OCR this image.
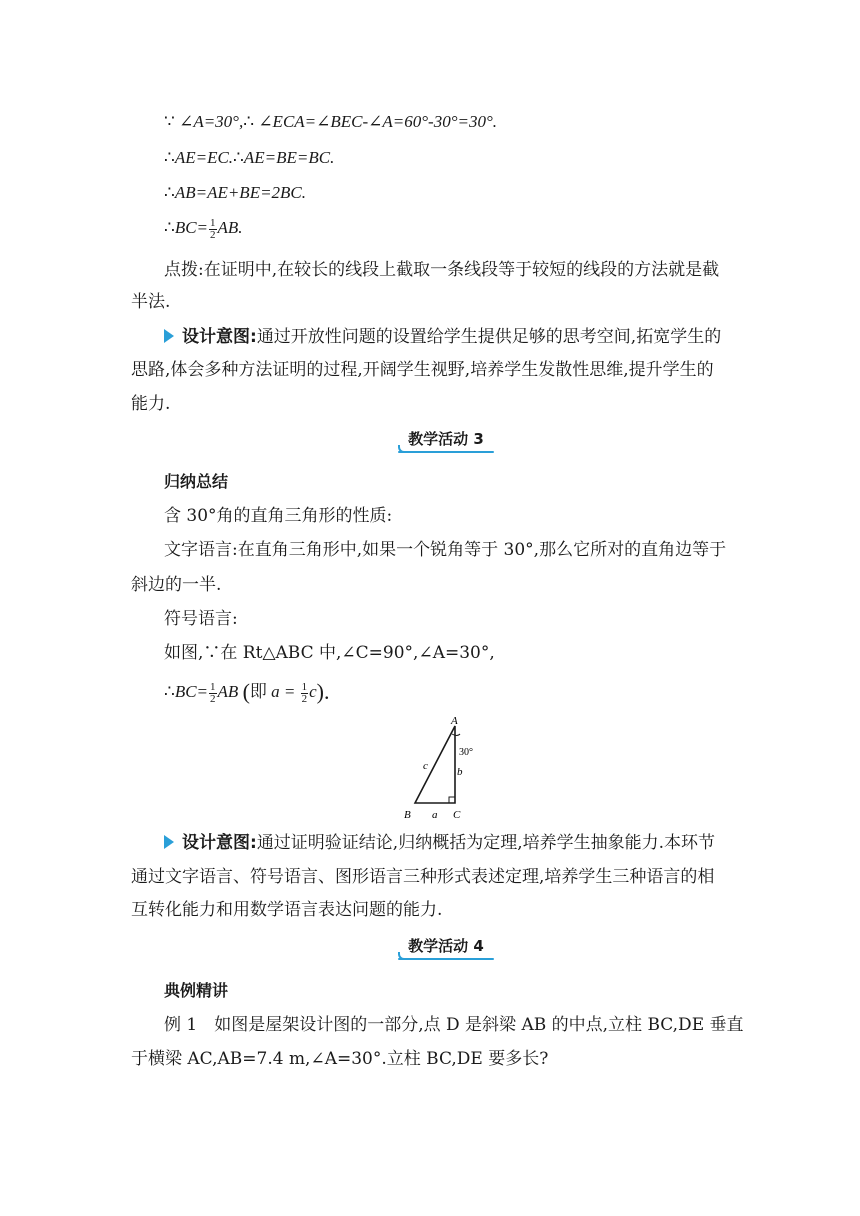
∵ ∠A=30°,∴ ∠ECA=∠BEC-∠A=60°-30°=30°.
∴AE=EC.∴AE=BE=BC.
∴AB=AE+BE=2BC.
∴BC= $\frac{1}{2}$ AB.
点拨:在证明中,在较长的线段上截取一条线段等于较短的线段的方法就是截
半法.
设计意图:通过开放性问题的设置给学生提供足够的思考空间,拓宽学生的
思路,体会多种方法证明的过程,开阔学生视野,培养学生发散性思维,提升学生的
能力.
教学活动 3
归纳总结
含 30°角的直角三角形的性质:
文字语言:在直角三角形中,如果一个锐角等于 30°,那么它所对的直角边等于
斜边的一半.
符号语言:
如图,∵在 Rt△ABC 中,∠C=90°,∠A=30°,
∴BC= $\frac{1}{2}$ AB (即 $a = \frac{1}{2} c$).
A
B	C
a
b
c
30°
设计意图:通过证明验证结论,归纳概括为定理,培养学生抽象能力.本环节
通过文字语言、符号语言、图形语言三种形式表述定理,培养学生三种语言的相
互转化能力和用数学语言表达问题的能力.
教学活动 4
典例精讲
例 1　如图是屋架设计图的一部分,点 D 是斜梁 AB 的中点,立柱 BC,DE 垂直
于横梁 AC,AB=7.4 m,∠A=30°.立柱 BC,DE 要多长?
